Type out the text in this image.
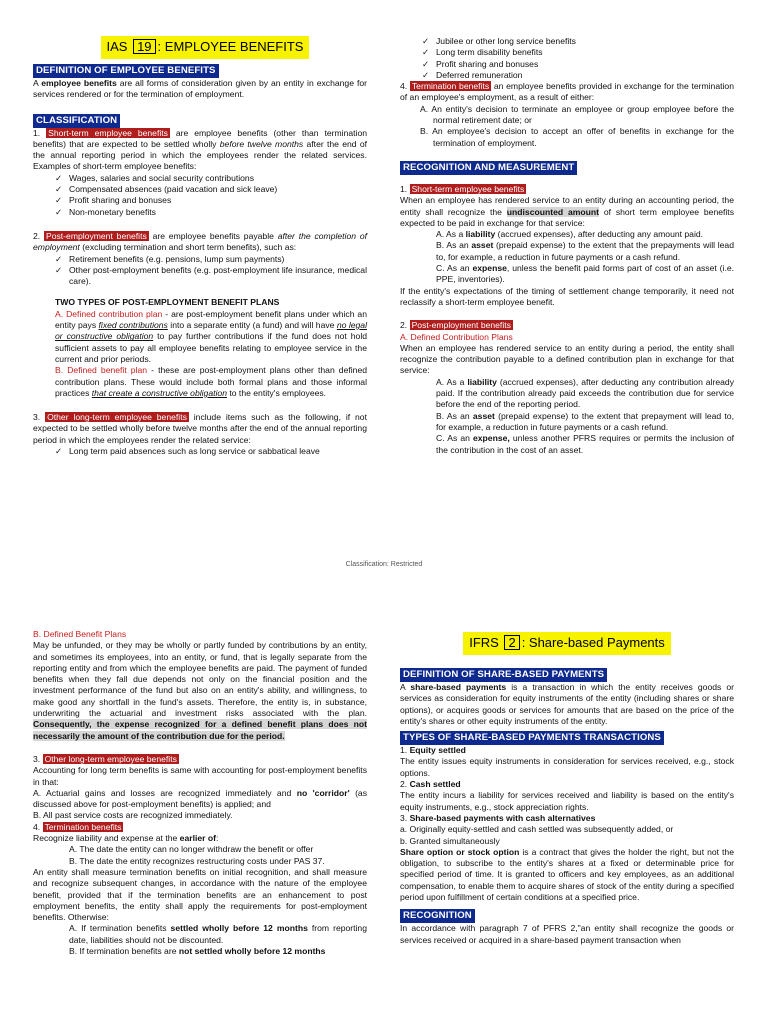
IAS 19 : EMPLOYEE BENEFITS
DEFINITION OF EMPLOYEE BENEFITS

A employee benefits are all forms of consideration given by an entity in exchange for services rendered or for the termination of employment.

CLASSIFICATION

1. Short-term employee benefits are employee benefits (other than termination benefits) that are expected to be settled wholly before twelve months after the end of the annual reporting period in which the employees render the related services. Examples of short-term employee benefits:

✓ Wages, salaries and social security contributions
✓ Compensated absences (paid vacation and sick leave)
✓ Profit sharing and bonuses
✓ Non-monetary benefits

2. Post-employment benefits are employee benefits payable after the completion of employment (excluding termination and short term benefits), such as:

✓ Retirement benefits (e.g. pensions, lump sum payments)
✓ Other post-employment benefits (e.g. post-employment life insurance, medical care).

TWO TYPES OF POST-EMPLOYMENT BENEFIT PLANS

A. Defined contribution plan - are post-employment benefit plans under which an entity pays fixed contributions into a separate entity (a fund) and will have no legal or constructive obligation to pay further contributions if the fund does not hold sufficient assets to pay all employee benefits relating to employee service in the current and prior periods.

B. Defined benefit plan - these are post-employment plans other than defined contribution plans. These would include both formal plans and those informal practices that create a constructive obligation to the entity's employees.

3. Other long-term employee benefits include items such as the following, if not expected to be settled wholly before twelve months after the end of the annual reporting period in which the employees render the related service:

✓ Long term paid absences such as long service or sabbatical leave
✓ Jubilee or other long service benefits
✓ Long term disability benefits
✓ Profit sharing and bonuses
✓ Deferred remuneration

4. Termination benefits an employee benefits provided in exchange for the termination of an employee's employment, as a result of either:

A. An entity's decision to terminate an employee or group employee before the normal retirement date; or

B. An employee's decision to accept an offer of benefits in exchange for the termination of employment.

RECOGNITION AND MEASUREMENT

1. Short-term employee benefits

When an employee has rendered service to an entity during an accounting period, the entity shall recognize the undiscounted amount of short term employee benefits expected to be paid in exchange for that service:

A. As a liability (accrued expenses), after deducting any amount paid.

B. As an asset (prepaid expense) to the extent that the prepayments will lead to, for example, a reduction in future payments or a cash refund.

C. As an expense, unless the benefit paid forms part of cost of an asset (i.e. PPE, inventories).

If the entity's expectations of the timing of settlement change temporarily, it need not reclassify a short-term employee benefit.

2. Post-employment benefits

A. Defined Contribution Plans

When an employee has rendered service to an entity during a period, the entity shall recognize the contribution payable to a defined contribution plan in exchange for that service:

A. As a liability (accrued expenses), after deducting any contribution already paid. If the contribution already paid exceeds the contribution due for service before the end of the reporting period.

B. As an asset (prepaid expense) to the extent that prepayment will lead to, for example, a reduction in future payments or a cash refund.

C. As an expense, unless another PFRS requires or permits the inclusion of the contribution in the cost of an asset.

Classification: Restricted

B. Defined Benefit Plans

May be unfunded, or they may be wholly or partly funded by contributions by an entity, and sometimes its employees, into an entity, or fund, that is legally separate from the reporting entity and from which the employee benefits are paid. The payment of funded benefits when they fall due depends not only on the financial position and the investment performance of the fund but also on an entity's ability, and willingness, to make good any shortfall in the fund's assets. Therefore, the entity is, in substance, underwriting the actuarial and investment risks associated with the plan. Consequently, the expense recognized for a defined benefit plans does not necessarily the amount of the contribution due for the period.

3. Other long-term employee benefits

Accounting for long term benefits is same with accounting for post-employment benefits in that:

A. Actuarial gains and losses are recognized immediately and no 'corridor' (as discussed above for post-employment benefits) is applied; and

B. All past service costs are recognized immediately.

4. Termination benefits

Recognize liability and expense at the earlier of:

A. The date the entity can no longer withdraw the benefit or offer

B. The date the entity recognizes restructuring costs under PAS 37.

An entity shall measure termination benefits on initial recognition, and shall measure and recognize subsequent changes, in accordance with the nature of the employee benefit, provided that if the termination benefits are an enhancement to post employment benefits, the entity shall apply the requirements for post-employment benefits. Otherwise:

A. If termination benefits settled wholly before 12 months from reporting date, liabilities should not be discounted.

B. If termination benefits are not settled wholly before 12 months

IFRS 2 : Share-based Payments
DEFINITION OF SHARE-BASED PAYMENTS

A share-based payments is a transaction in which the entity receives goods or services as consideration for equity instruments of the entity (including shares or share options), or acquires goods or services for amounts that are based on the price of the entity's shares or other equity instruments of the entity.

TYPES OF SHARE-BASED PAYMENTS TRANSACTIONS

1. Equity settled

The entity issues equity instruments in consideration for services received, e.g., stock options.

2. Cash settled

The entity incurs a liability for services received and liability is based on the entity's equity instruments, e.g., stock appreciation rights.

3. Share-based payments with cash alternatives

a. Originally equity-settled and cash settled was subsequently added, or

b. Granted simultaneously

Share option or stock option is a contract that gives the holder the right, but not the obligation, to subscribe to the entity's shares at a fixed or determinable price for specified period of time. It is granted to officers and key employees, as an additional compensation, to enable them to acquire shares of stock of the entity during a specified period upon fulfillment of certain conditions at a specified price.

RECOGNITION

In accordance with paragraph 7 of PFRS 2,"an entity shall recognize the goods or services received or acquired in a share-based payment transaction when
